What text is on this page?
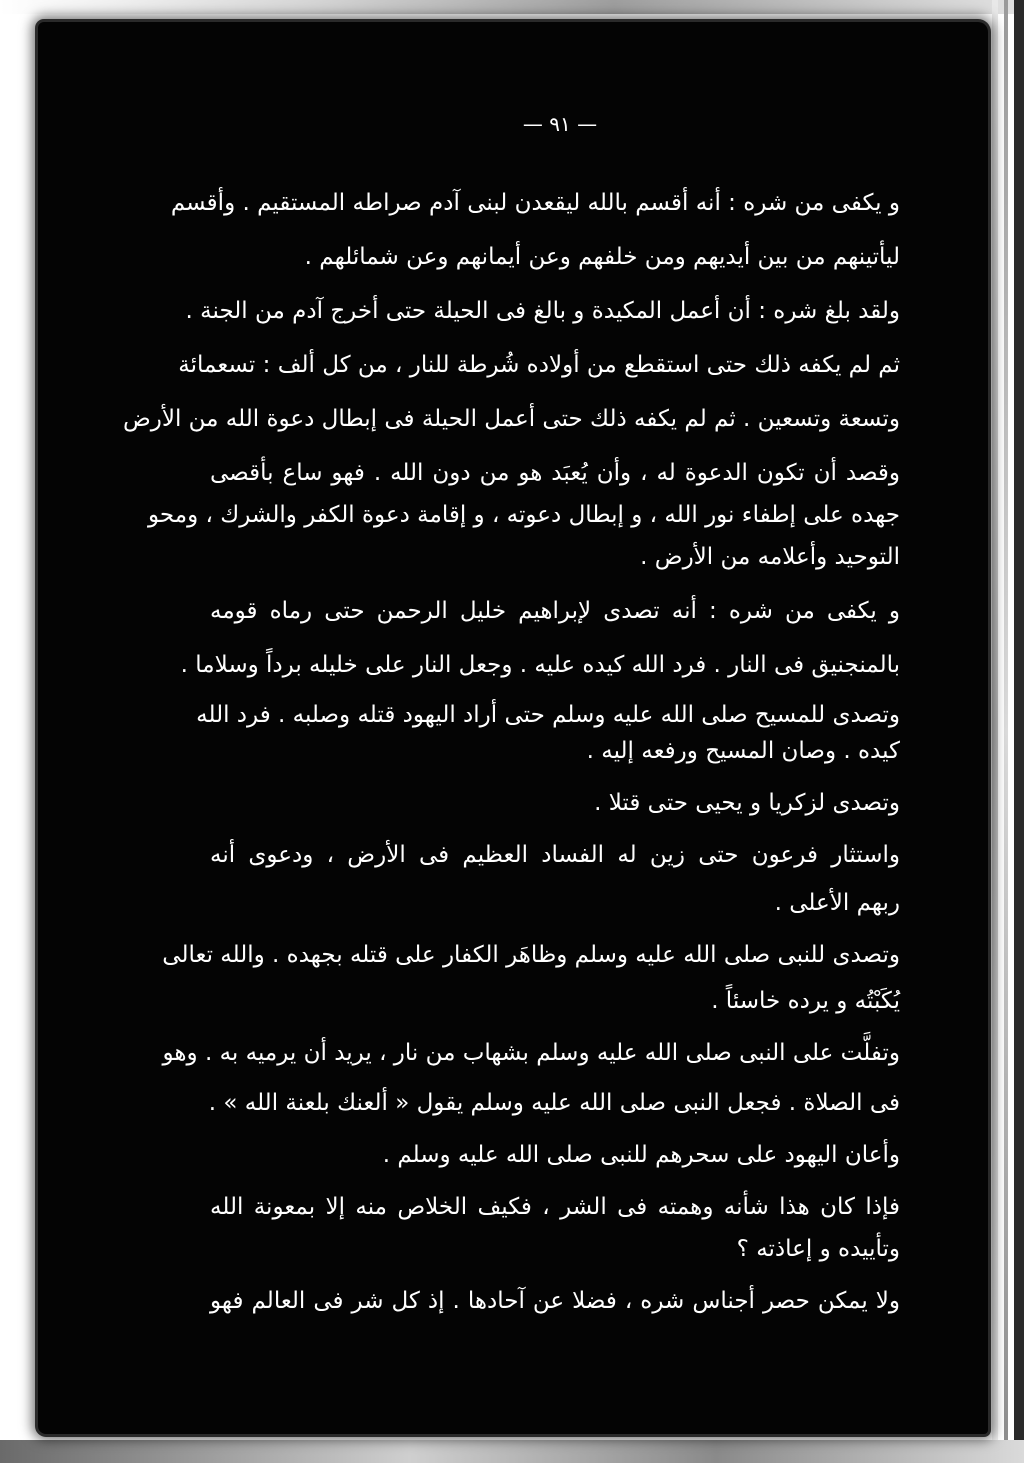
— ٩١ —
و يكفى من شره : أنه أقسم بالله ليقعدن لبنى آدم صراطه المستقيم . وأقسم
ليأتينهم من بين أيديهم ومن خلفهم وعن أيمانهم وعن شمائلهم .
ولقد بلغ شره : أن أعمل المكيدة و بالغ فى الحيلة حتى أخرج آدم من الجنة .
ثم لم يكفه ذلك حتى استقطع من أولاده شُرطة للنار ، من كل ألف : تسعمائة
وتسعة وتسعين . ثم لم يكفه ذلك حتى أعمل الحيلة فى إبطال دعوة الله من الأرض
وقصد أن تكون الدعوة له ، وأن يُعبَد هو من دون الله . فهو ساع بأقصى
جهده على إطفاء نور الله ، و إبطال دعوته ، و إقامة دعوة الكفر والشرك ، ومحو
التوحيد وأعلامه من الأرض .
و يكفى من شره : أنه تصدى لإبراهيم خليل الرحمن حتى رماه قومه
بالمنجنيق فى النار . فرد الله كيده عليه . وجعل النار على خليله برداً وسلاما .
وتصدى للمسيح صلى الله عليه وسلم حتى أراد اليهود قتله وصلبه . فرد الله
كيده . وصان المسيح ورفعه إليه .
وتصدى لزكريا و يحيى حتى قتلا .
واستثار فرعون حتى زين له الفساد العظيم فى الأرض ، ودعوى أنه
ربهم الأعلى .
وتصدى للنبى صلى الله عليه وسلم وظاهَر الكفار على قتله بجهده . والله تعالى
يُكَبْتُه و يرده خاسئاً .
وتفلَّت على النبى صلى الله عليه وسلم بشهاب من نار ، يريد أن يرميه به . وهو
فى الصلاة . فجعل النبى صلى الله عليه وسلم يقول « ألعنك بلعنة الله » .
وأعان اليهود على سحرهم للنبى صلى الله عليه وسلم .
فإذا كان هذا شأنه وهمته فى الشر ، فكيف الخلاص منه إلا بمعونة الله
وتأييده و إعاذته ؟
ولا يمكن حصر أجناس شره ، فضلا عن آحادها . إذ كل شر فى العالم فهو
